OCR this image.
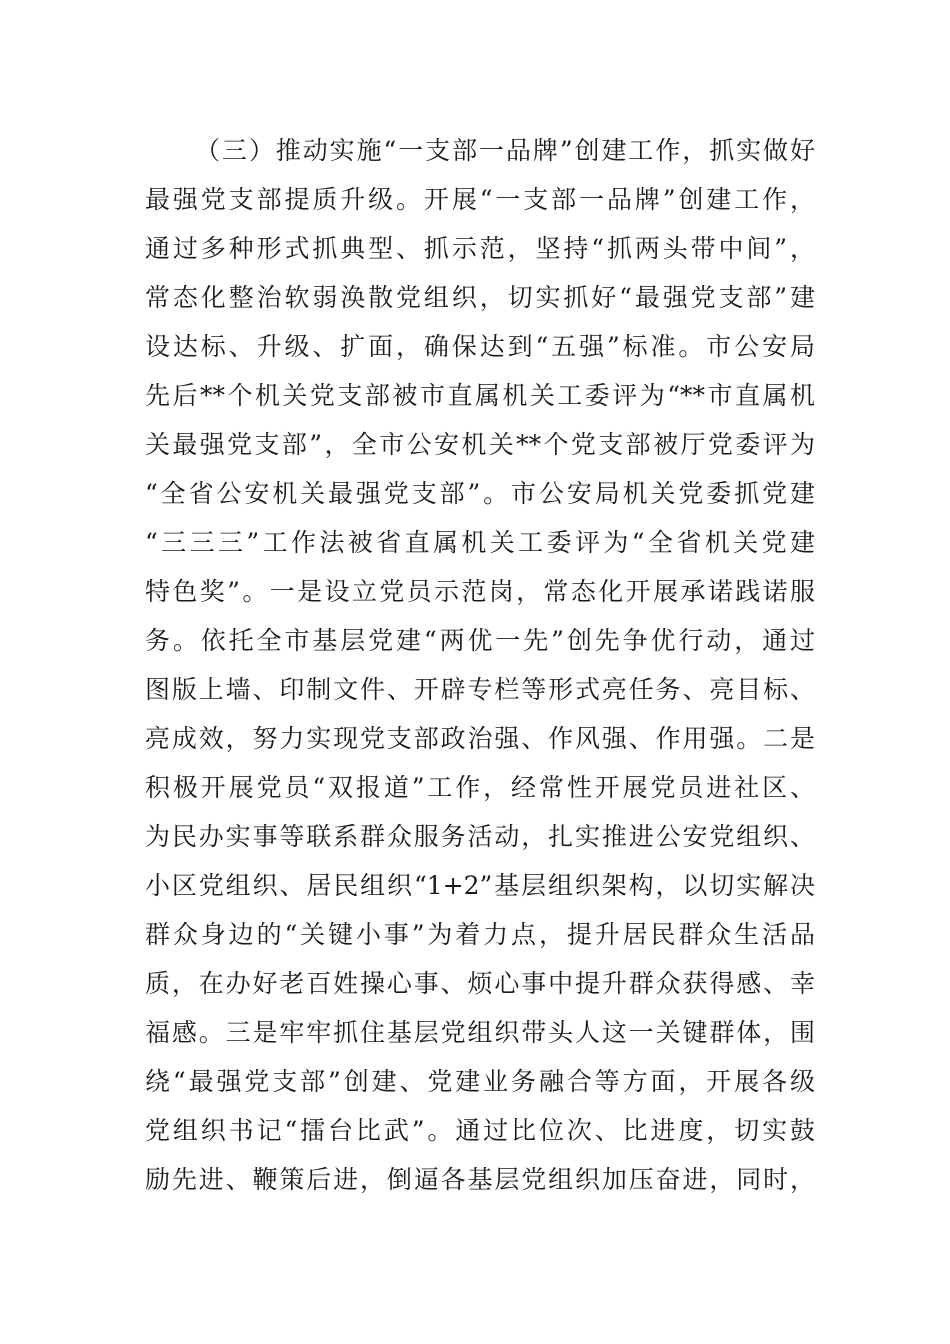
（三）推动实施“一支部一品牌”创建工作，抓实做好
最强党支部提质升级。开展“一支部一品牌”创建工作，
通过多种形式抓典型、抓示范，坚持“抓两头带中间”，
常态化整治软弱涣散党组织，切实抓好“最强党支部”建
设达标、升级、扩面，确保达到“五强”标准。市公安局
先后**个机关党支部被市直属机关工委评为“**市直属机
关最强党支部”，全市公安机关**个党支部被厅党委评为
“全省公安机关最强党支部”。市公安局机关党委抓党建
“三三三”工作法被省直属机关工委评为“全省机关党建
特色奖”。一是设立党员示范岗，常态化开展承诺践诺服
务。依托全市基层党建“两优一先”创先争优行动，通过
图版上墙、印制文件、开辟专栏等形式亮任务、亮目标、
亮成效，努力实现党支部政治强、作风强、作用强。二是
积极开展党员“双报道”工作，经常性开展党员进社区、
为民办实事等联系群众服务活动，扎实推进公安党组织、
小区党组织、居民组织“1+2”基层组织架构，以切实解决
群众身边的“关键小事”为着力点，提升居民群众生活品
质，在办好老百姓操心事、烦心事中提升群众获得感、幸
福感。三是牢牢抓住基层党组织带头人这一关键群体，围
绕“最强党支部”创建、党建业务融合等方面，开展各级
党组织书记“擂台比武”。通过比位次、比进度，切实鼓
励先进、鞭策后进，倒逼各基层党组织加压奋进，同时，
